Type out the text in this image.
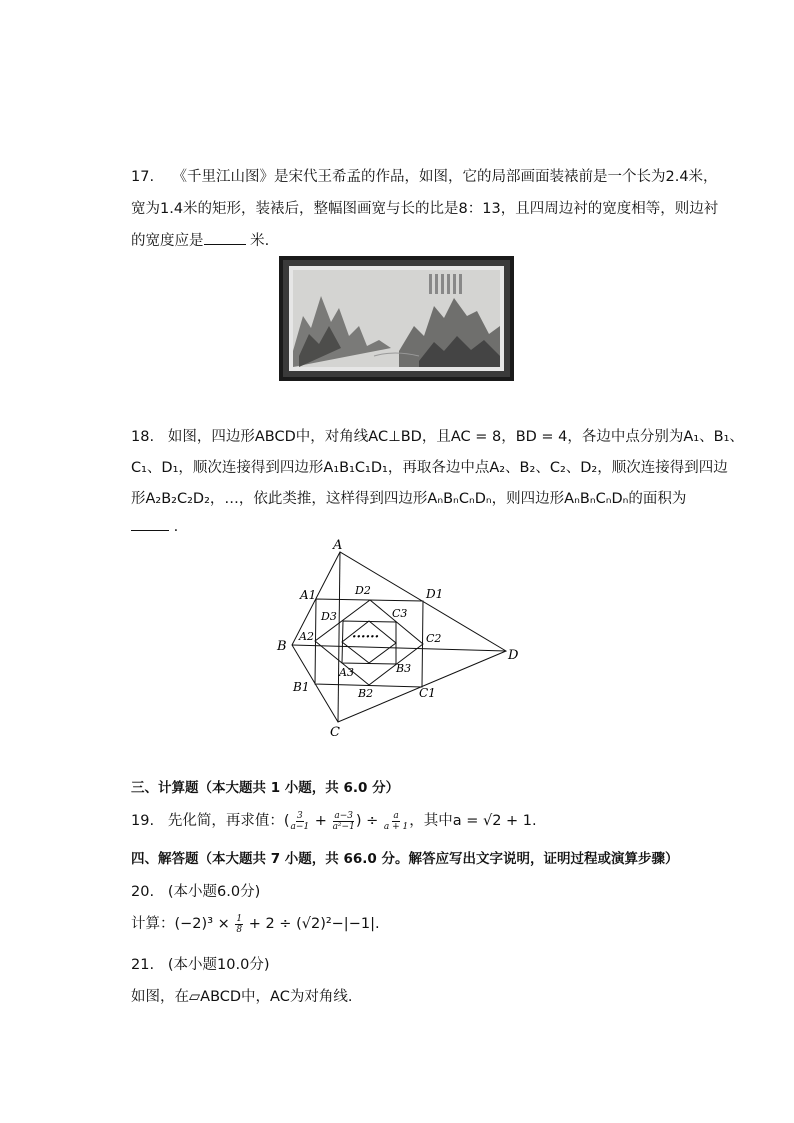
17.    《千里江山图》是宋代王希孟的作品，如图，它的局部画面装裱前是一个长为2.4米，
宽为1.4米的矩形，装裱后，整幅图画宽与长的比是8：13，且四周边衬的宽度相等，则边衬
的宽度应是	米.
18.   如图，四边形ABCD中，对角线AC⊥BD，且AC = 8，BD = 4，各边中点分别为A₁、B₁、
C₁、D₁，顺次连接得到四边形A₁B₁C₁D₁，再取各边中点A₂、B₂、C₂、D₂，顺次连接得到四边
形A₂B₂C₂D₂，…，依此类推，这样得到四边形AₙBₙCₙDₙ，则四边形AₙBₙCₙDₙ的面积为
.
A
B
C
D
A1
B1	C1
D1
A2
B2
C2
D2
A3	B3
C3
D3
······
三、计算题（本大题共 1 小题，共 6.0 分）
19.   先化简，再求值：( $\frac{3}{a-1} + \frac{a-3}{\text{a²−1}}$ ) ÷ $\frac{a}{a + 1}$ ，其中a = √2 + 1.
四、解答题（本大题共 7 小题，共 66.0 分。解答应写出文字说明，证明过程或演算步骤）
20.   (本小题6.0分)
计算：$(-2)^3 \times \frac{1}{8} + 2 \div (√2)^2-|-1|$.
21.   (本小题10.0分)
如图，在▱ABCD中，AC为对角线.
